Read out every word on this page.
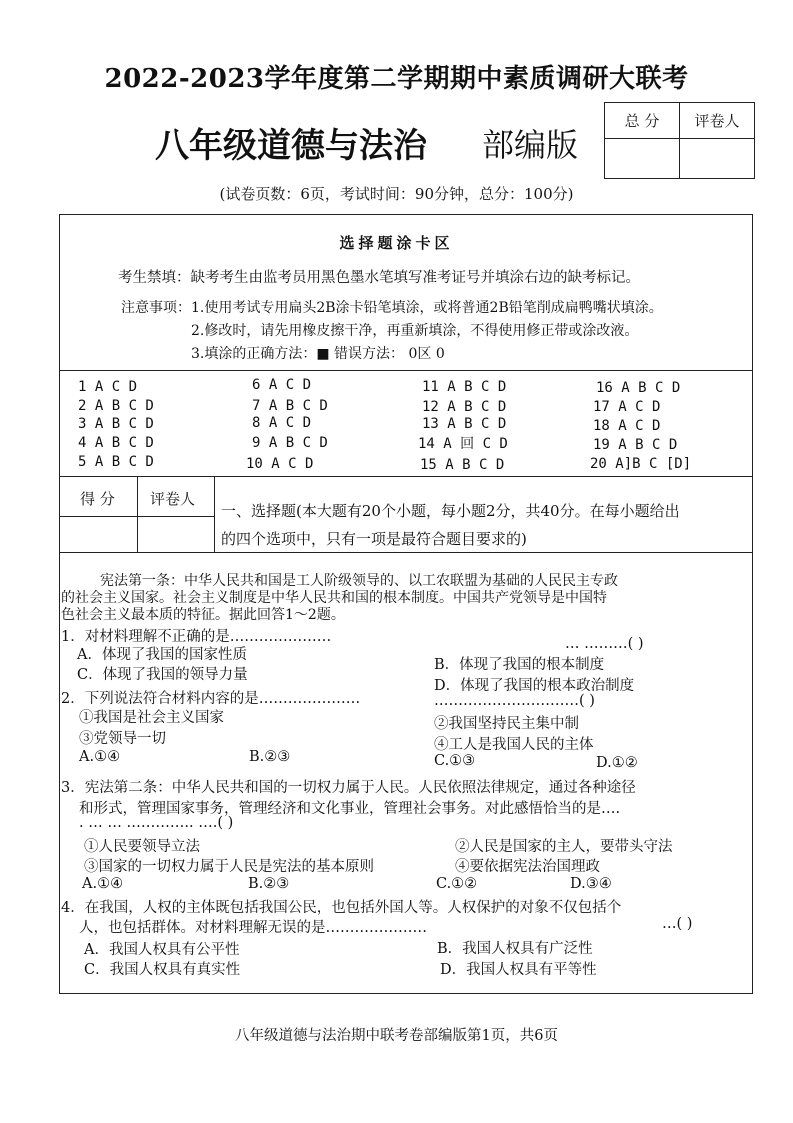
2022-2023学年度第二学期期中素质调研大联考
八年级道德与法治 部编版
(试卷页数：6页，考试时间：90分钟，总分：100分)
总 分	评卷人

选择题涂卡区
考生禁填：缺考考生由监考员用黑色墨水笔填写准考证号并填涂右边的缺考标记。
注意事项：1.使用考试专用扁头2B涂卡铅笔填涂，或将普通2B铅笔削成扁鸭嘴状填涂。
2.修改时，请先用橡皮擦干净，再重新填涂，不得使用修正带或涂改液。
3.填涂的正确方法：■ 错误方法： 0区 0
1 A C D	6 A C D	11 A B C D	16 A B C D
2 A B C D	7 A B C D	12 A B C D	17 A C D
3 A B C D	8 A C D	13 A B C D	18 A C D
4 A B C D	9 A B C D	14 A 回 C D	19 A B C D
5 A B C D	10 A C D	15 A B C D	20 A]B C [D]
得 分 评卷人
一、选择题(本大题有20个小题，每小题2分，共40分。在每小题给出
的四个选项中，只有一项是最符合题目要求的)
宪法第一条：中华人民共和国是工人阶级领导的、以工农联盟为基础的人民民主专政
的社会主义国家。社会主义制度是中华人民共和国的根本制度。中国共产党领导是中国特
色社会主义最本质的特征。据此回答1～2题。
1．对材料理解不正确的是…………………	… ………( )
A．体现了我国的国家性质
B．体现了我国的根本制度
C．体现了我国的领导力量
D．体现了我国的根本政治制度
2．下列说法符合材料内容的是…………………	…………………………( )
①我国是社会主义国家	②我国坚持民主集中制
③党领导一切	④工人是我国人民的主体
A.①④	B.②③	C.①③	D.①②
3．宪法第二条：中华人民共和国的一切权力属于人民。人民依照法律规定，通过各种途径
和形式，管理国家事务，管理经济和文化事业，管理社会事务。对此感悟恰当的是….
. … … ………….. ….( )
①人民要领导立法	②人民是国家的主人，要带头守法
③国家的一切权力属于人民是宪法的基本原则	④要依据宪法治国理政
A.①④	B.②③	C.①②	D.③④
4．在我国，人权的主体既包括我国公民，也包括外国人等。人权保护的对象不仅包括个
人，也包括群体。对材料理解无误的是…………………	…( )
A．我国人权具有公平性	B．我国人权具有广泛性
C．我国人权具有真实性	D．我国人权具有平等性
八年级道德与法治期中联考卷部编版第1页，共6页
